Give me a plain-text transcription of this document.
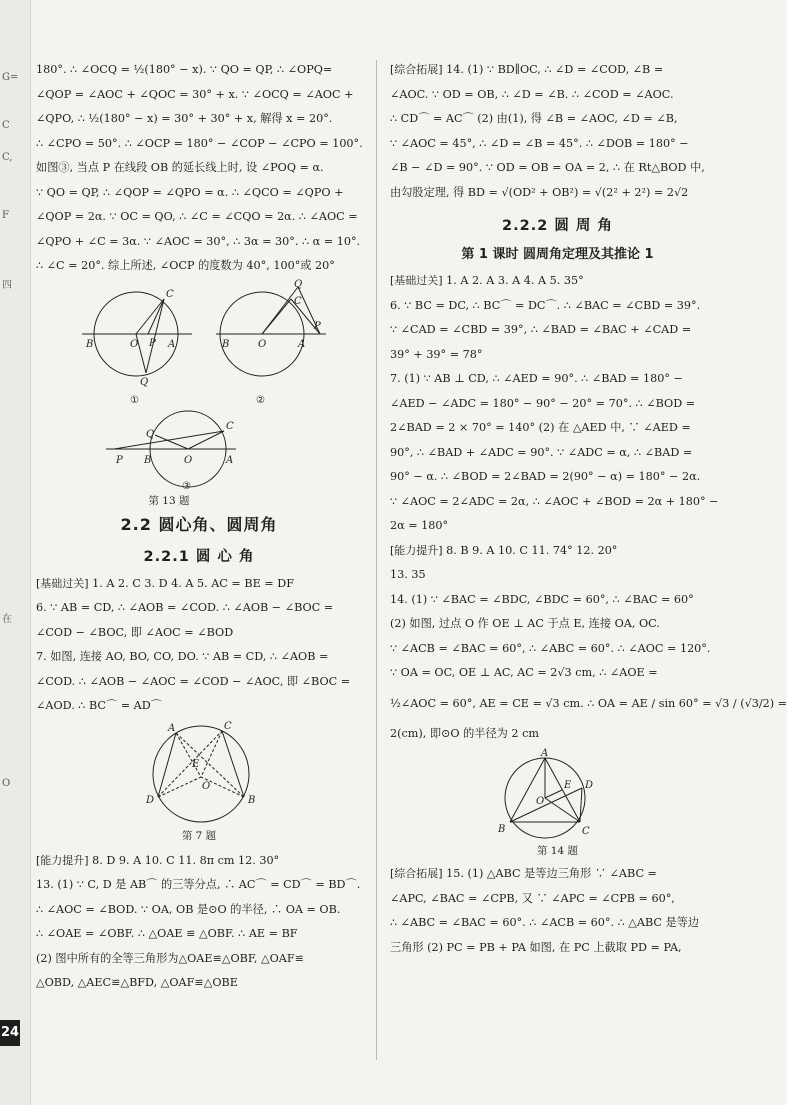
G=
C
C,
F
四
在
O
180°. ∴ ∠OCQ = ½(180° − x). ∵ QO = QP, ∴ ∠OPQ=
∠QOP = ∠AOC + ∠QOC = 30° + x. ∵ ∠OCQ = ∠AOC +
∠QPO, ∴ ½(180° − x) = 30° + 30° + x, 解得 x = 20°.
∴ ∠CPO = 50°. ∴ ∠OCP = 180° − ∠COP − ∠CPO = 100°.
如图③, 当点 P 在线段 OB 的延长线上时, 设 ∠POQ = α.
∵ QO = QP, ∴ ∠QOP = ∠QPO = α. ∴ ∠QCO = ∠QPO +
∠QOP = 2α. ∵ OC = QO, ∴ ∠C = ∠CQO = 2α. ∴ ∠AOC =
∠QPO + ∠C = 3α. ∵ ∠AOC = 30°, ∴ 3α = 30°. ∴ α = 10°.
∴ ∠C = 20°. 综上所述, ∠OCP 的度数为 40°, 100°或 20°
C
B	O P A
Q
①
Q
C
P
B	O	A
②
C
Q
P B	O	A
③
第 13 题
2.2 圆心角、圆周角
2.2.1 圆 心 角
[基础过关] 1. A 2. C 3. D 4. A 5. AC = BE = DF
6. ∵ AB = CD, ∴ ∠AOB = ∠COD. ∴ ∠AOB − ∠BOC =
∠COD − ∠BOC, 即 ∠AOC = ∠BOD
7. 如图, 连接 AO, BO, CO, DO. ∵ AB = CD, ∴ ∠AOB =
∠COD. ∴ ∠AOB − ∠AOC = ∠COD − ∠AOC, 即 ∠BOC =
∠AOD. ∴ BC⌒ = AD⌒
A	C
E
O
D	B
第 7 题
[能力提升] 8. D 9. A 10. C 11. 8π cm 12. 30°
13. (1) ∵ C, D 是 AB⌒ 的三等分点, ∴ AC⌒ = CD⌒ = BD⌒.
∴ ∠AOC = ∠BOD. ∵ OA, OB 是⊙O 的半径, ∴ OA = OB.
∴ ∠OAE = ∠OBF. ∴ △OAE ≌ △OBF. ∴ AE = BF
(2) 图中所有的全等三角形为△OAE≌△OBF, △OAF≌
△OBD, △AEC≌△BFD, △OAF≌△OBE
[综合拓展] 14. (1) ∵ BD∥OC, ∴ ∠D = ∠COD, ∠B =
∠AOC. ∵ OD = OB, ∴ ∠D = ∠B. ∴ ∠COD = ∠AOC.
∴ CD⌒ = AC⌒ (2) 由(1), 得 ∠B = ∠AOC, ∠D = ∠B,
∵ ∠AOC = 45°, ∴ ∠D = ∠B = 45°. ∴ ∠DOB = 180° −
∠B − ∠D = 90°. ∵ OD = OB = OA = 2, ∴ 在 Rt△BOD 中,
由勾股定理, 得 BD = √(OD² + OB²) = √(2² + 2²) = 2√2
2.2.2 圆 周 角
第 1 课时 圆周角定理及其推论 1
[基础过关] 1. A 2. A 3. A 4. A 5. 35°
6. ∵ BC = DC, ∴ BC⌒ = DC⌒. ∴ ∠BAC = ∠CBD = 39°.
∵ ∠CAD = ∠CBD = 39°, ∴ ∠BAD = ∠BAC + ∠CAD =
39° + 39° = 78°
7. (1) ∵ AB ⊥ CD, ∴ ∠AED = 90°. ∴ ∠BAD = 180° −
∠AED − ∠ADC = 180° − 90° − 20° = 70°. ∴ ∠BOD =
2∠BAD = 2 × 70° = 140° (2) 在 △AED 中, ∵ ∠AED =
90°, ∴ ∠BAD + ∠ADC = 90°. ∵ ∠ADC = α, ∴ ∠BAD =
90° − α. ∴ ∠BOD = 2∠BAD = 2(90° − α) = 180° − 2α.
∵ ∠AOC = 2∠ADC = 2α, ∴ ∠AOC + ∠BOD = 2α + 180° −
2α = 180°
[能力提升] 8. B 9. A 10. C 11. 74° 12. 20°
13. 35
14. (1) ∵ ∠BAC = ∠BDC, ∠BDC = 60°, ∴ ∠BAC = 60°
(2) 如图, 过点 O 作 OE ⊥ AC 于点 E, 连接 OA, OC.
∵ ∠ACB = ∠BAC = 60°, ∴ ∠ABC = 60°. ∴ ∠AOC = 120°.
∵ OA = OC, OE ⊥ AC, AC = 2√3 cm, ∴ ∠AOE =
½∠AOC = 60°, AE = CE = √3 cm. ∴ OA = AE / sin 60° = √3 / (√3/2) =
2(cm), 即⊙O 的半径为 2 cm
A
E D
O
B	C
第 14 题
[综合拓展] 15. (1) △ABC 是等边三角形 ∵ ∠ABC =
∠APC, ∠BAC = ∠CPB, 又 ∵ ∠APC = ∠CPB = 60°,
∴ ∠ABC = ∠BAC = 60°. ∴ ∠ACB = 60°. ∴ △ABC 是等边
三角形 (2) PC = PB + PA 如图, 在 PC 上截取 PD = PA,
24
